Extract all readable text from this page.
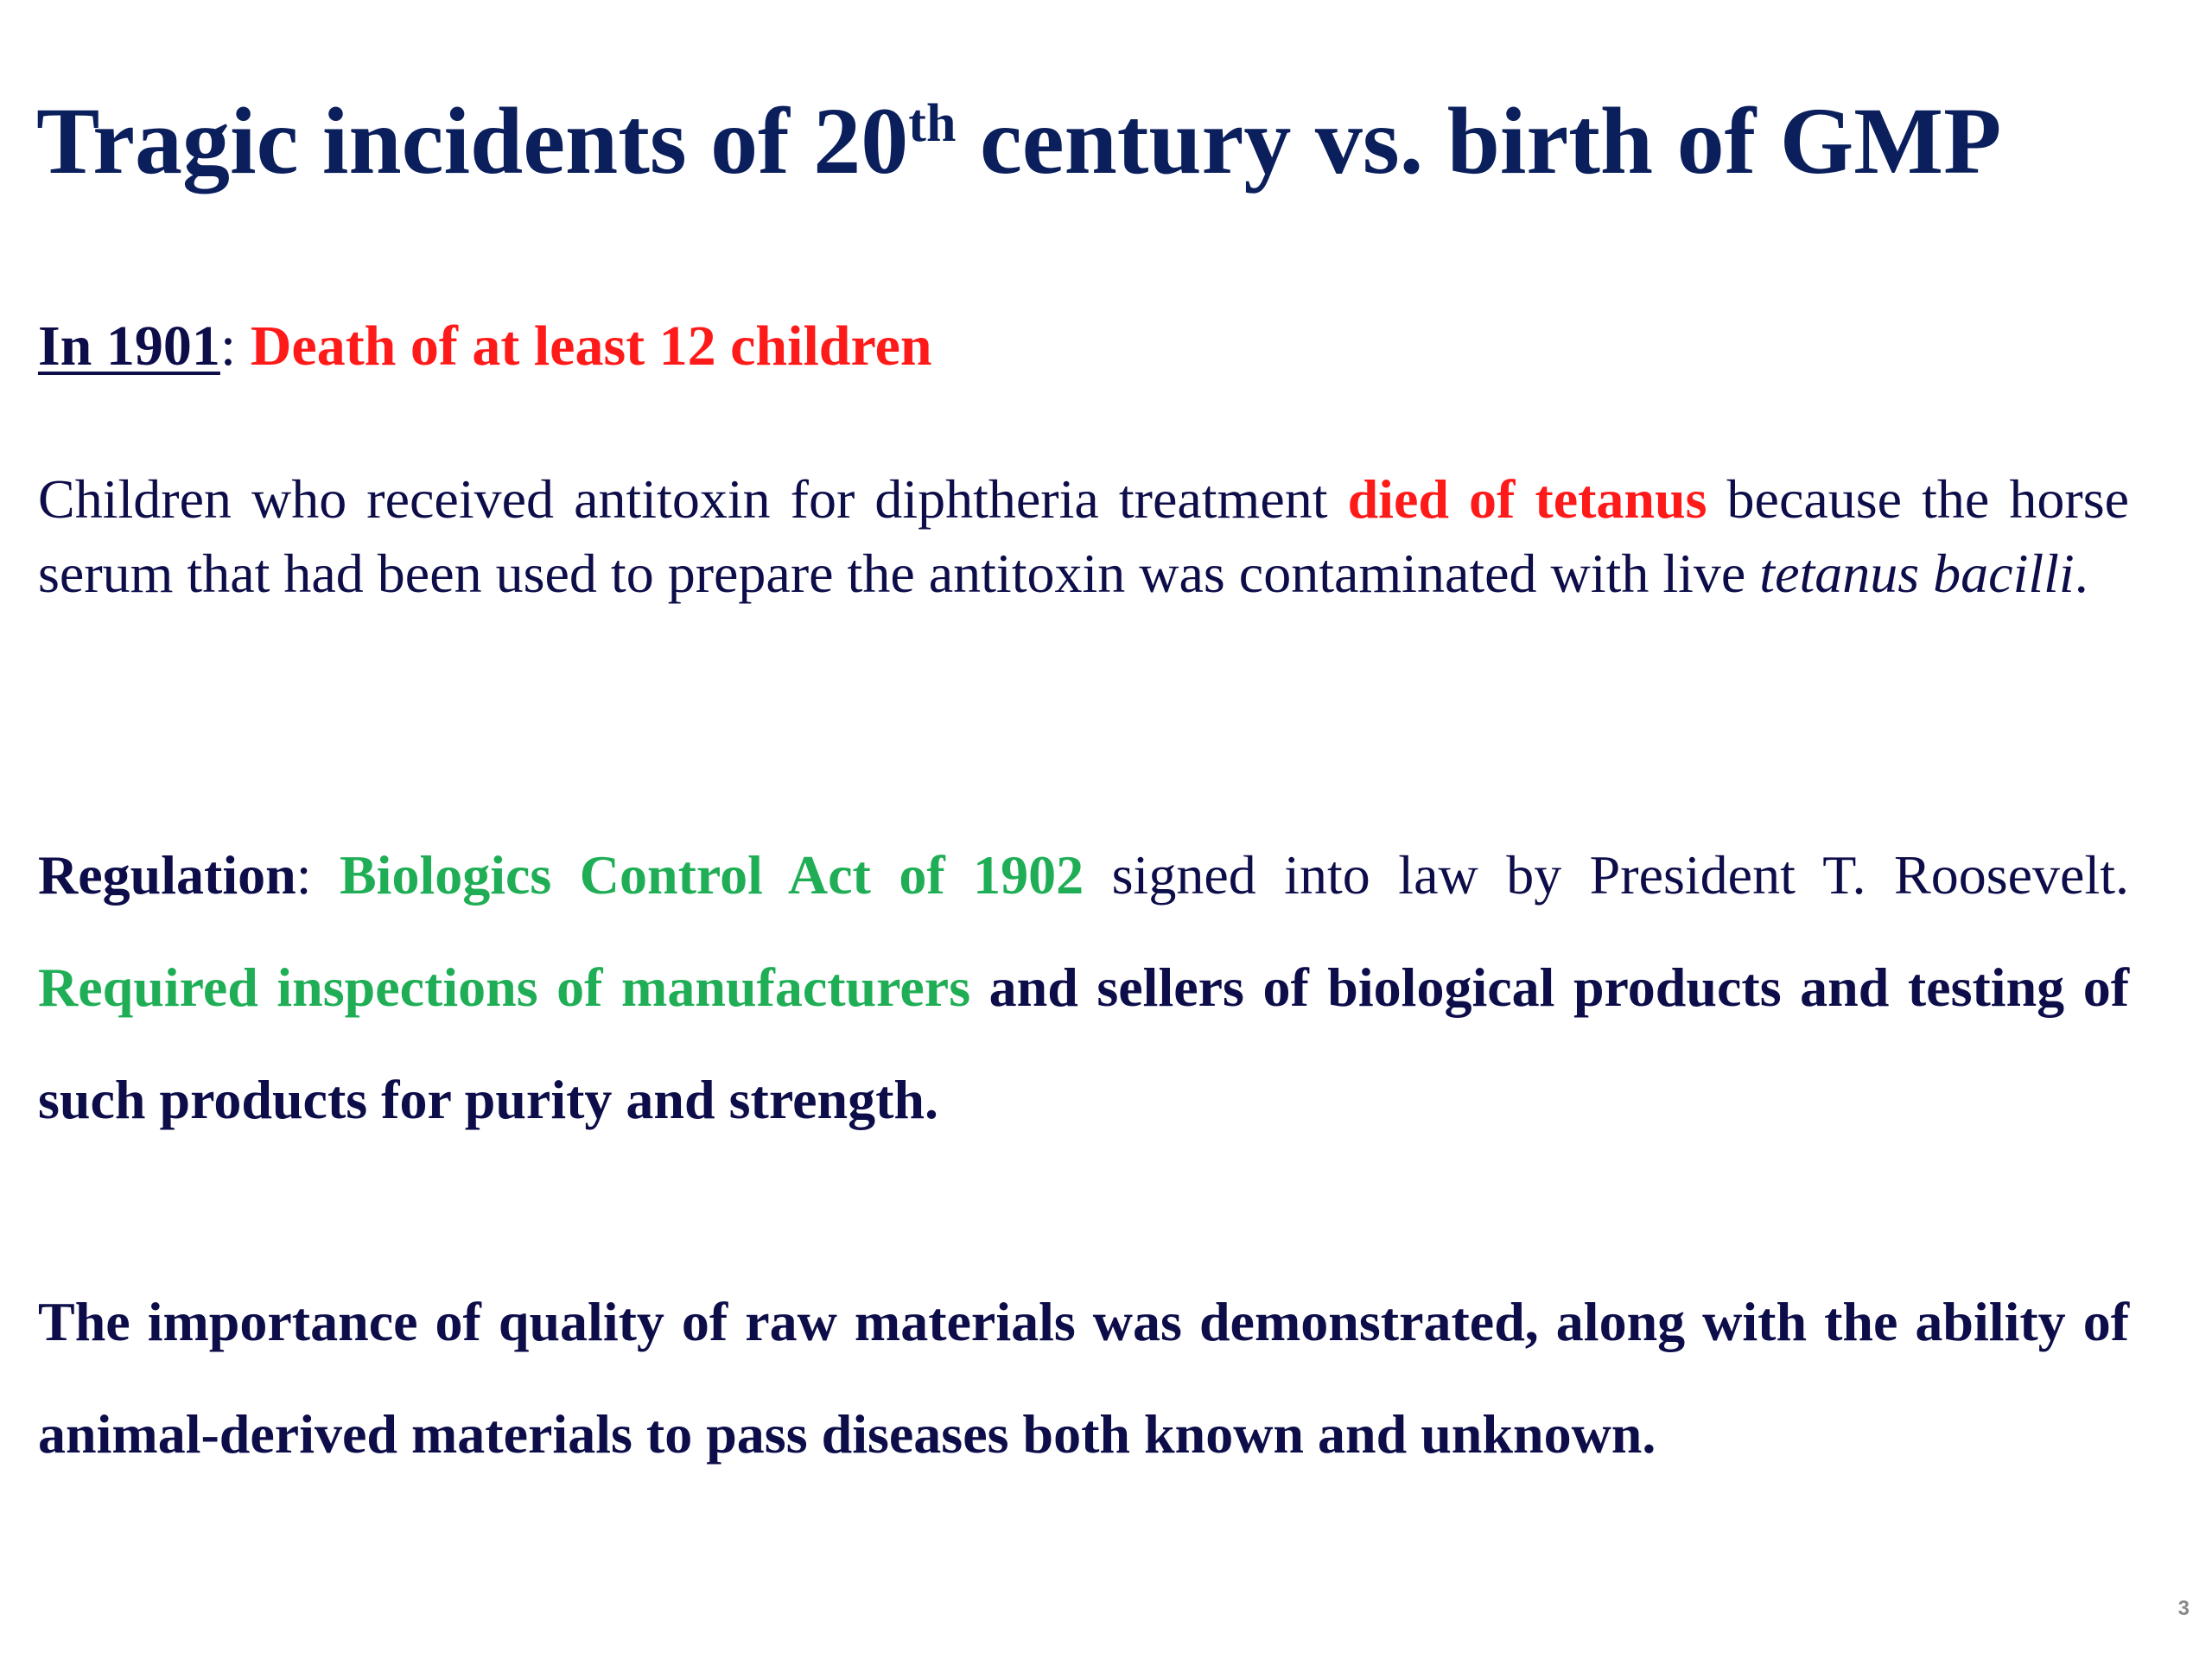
Tragic incidents of 20th century vs. birth of GMP

In 1901: Death of at least 12 children

Children who received antitoxin for diphtheria treatment died of tetanus because the horse serum that had been used to prepare the antitoxin was contaminated with live tetanus bacilli.

Regulation: Biologics Control Act of 1902 signed into law by President T. Roosevelt. Required inspections of manufacturers and sellers of biological products and testing of such products for purity and strength.

The importance of quality of raw materials was demonstrated, along with the ability of animal-derived materials to pass diseases both known and unknown.

3
